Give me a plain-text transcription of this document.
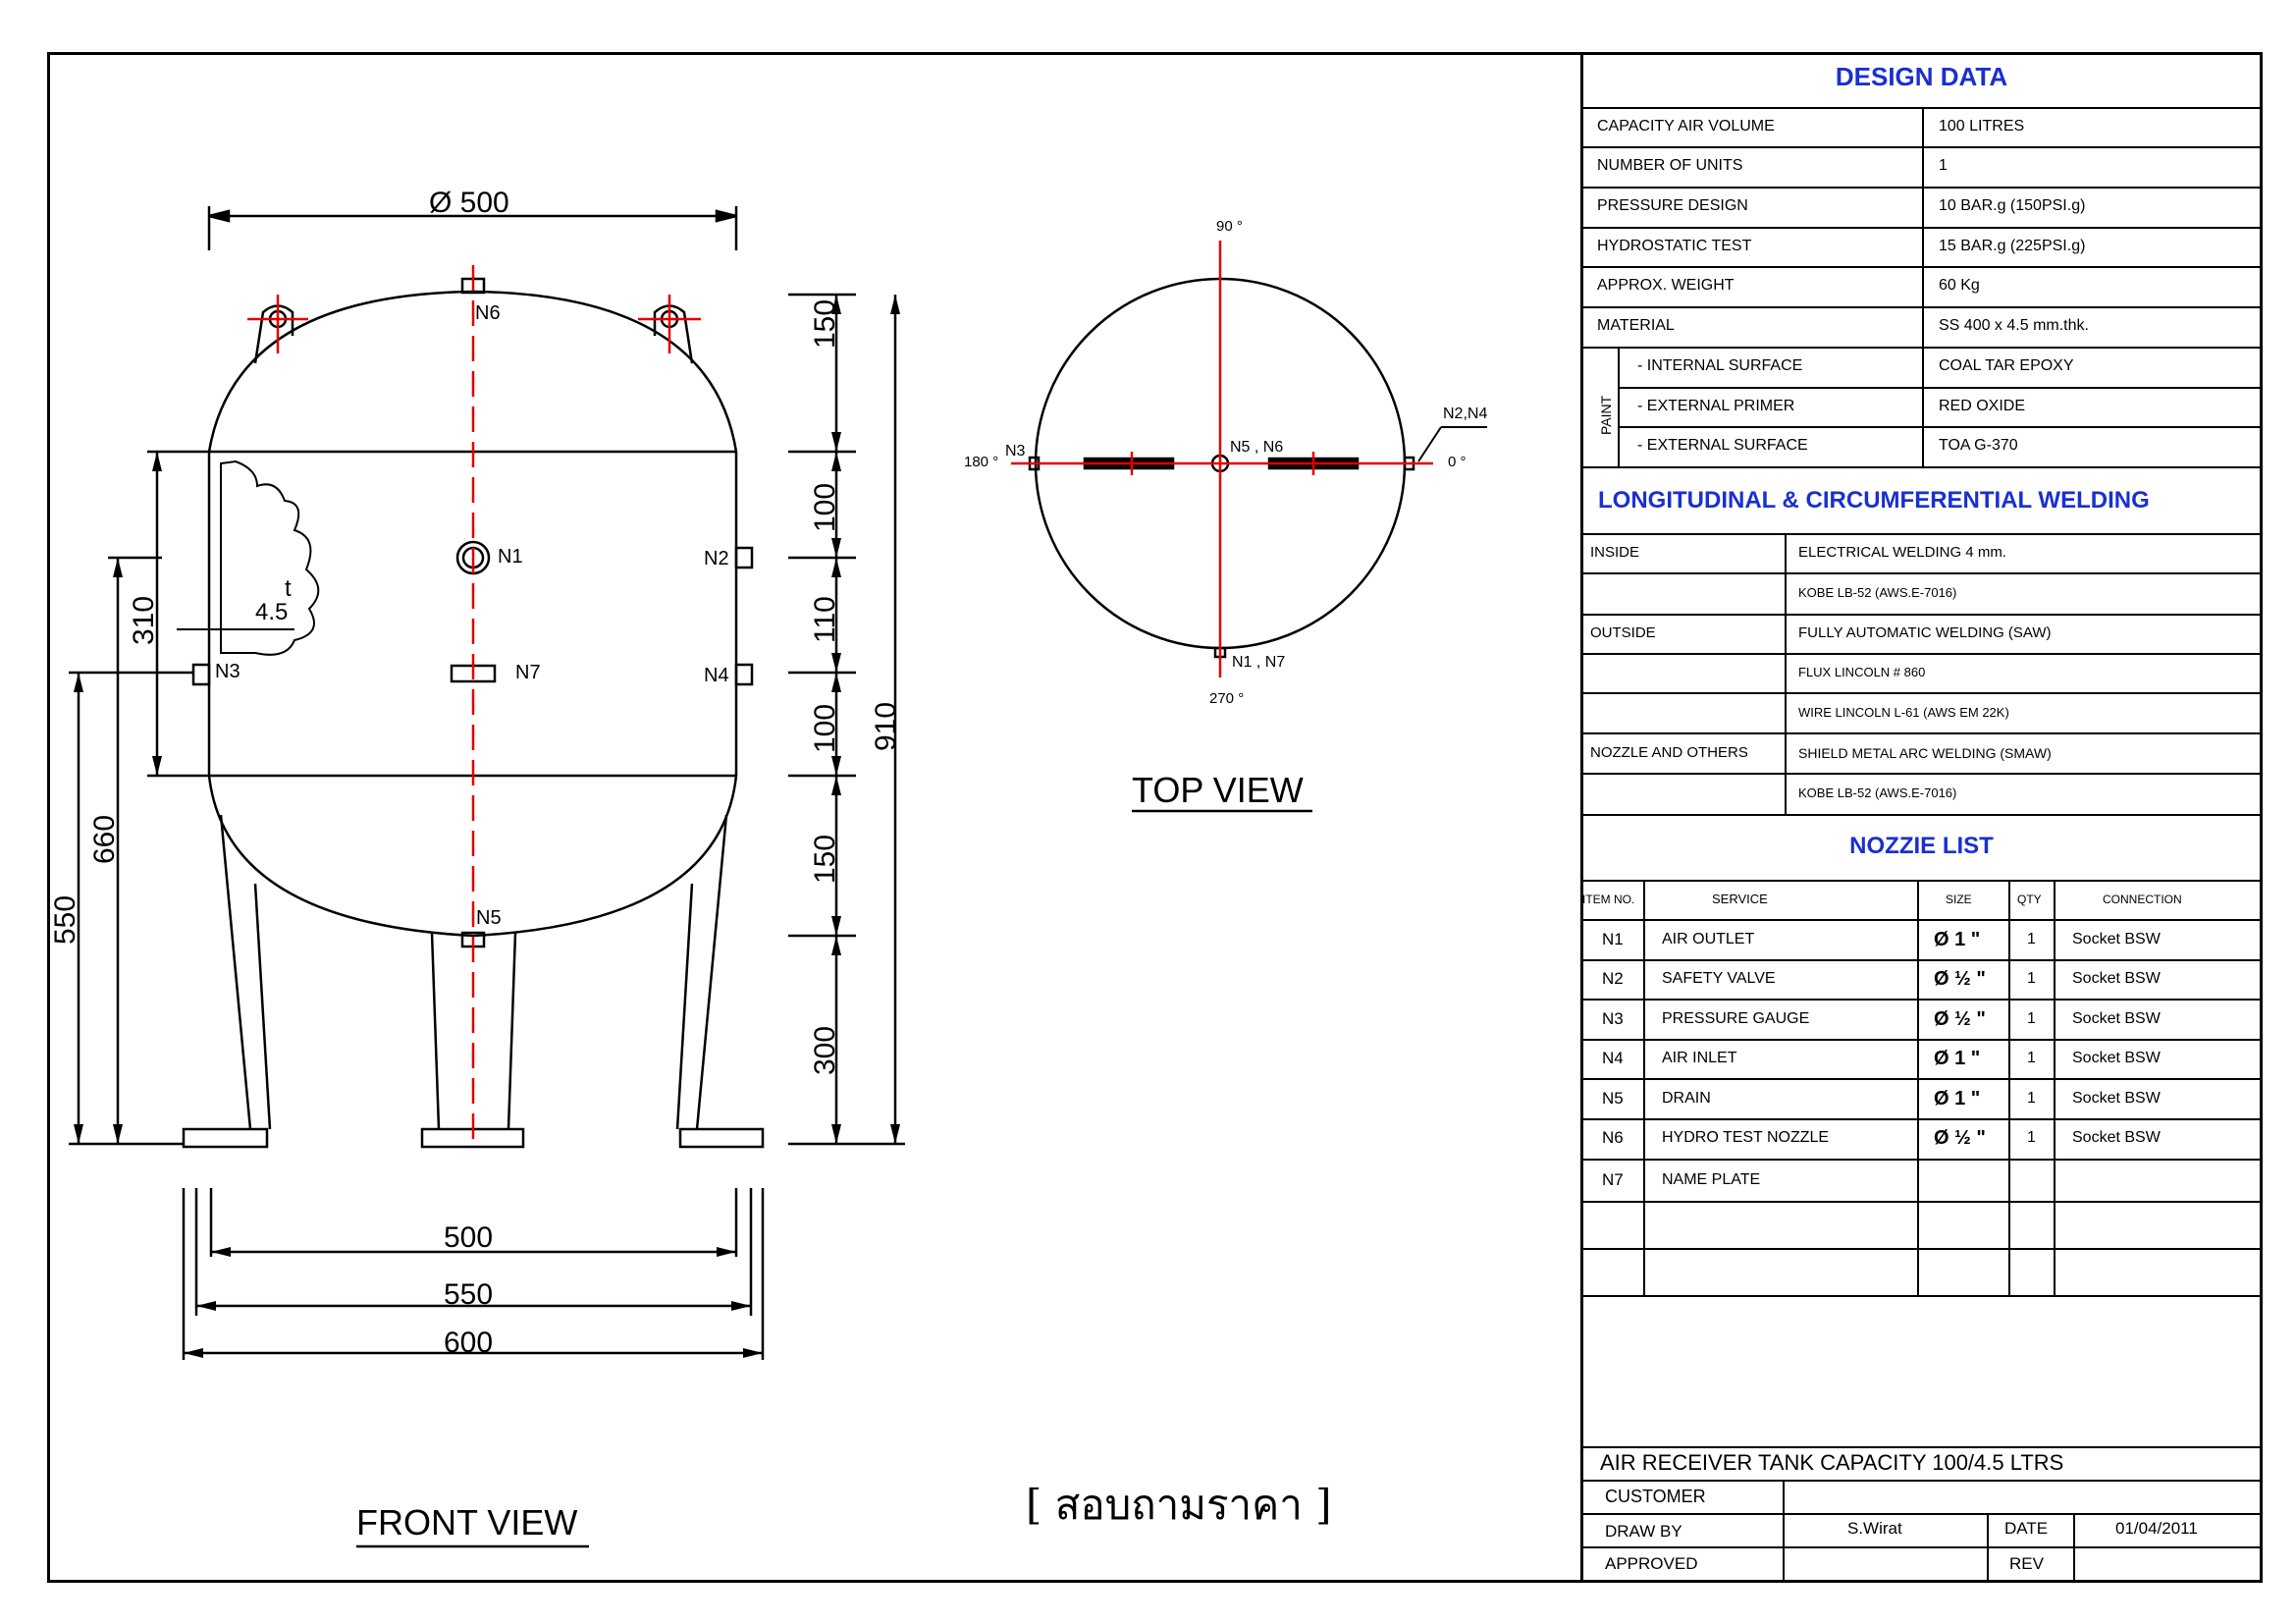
Ø 500
N6
N1	N2
N4
N3	N7
N5
t
4.5
150
100
110
100
150
300
910
310
660
550
500
550
600
FRONT VIEW
90 °
180 °	0 °
270 °
N3	N5 , N6
N2,N4
N1 , N7
TOP VIEW
[ สอบถามราคา ]
DESIGN DATA
CAPACITY AIR VOLUME	100 LITRES
NUMBER OF UNITS	1
PRESSURE DESIGN	10 BAR.g (150PSI.g)
HYDROSTATIC TEST	15 BAR.g (225PSI.g)
APPROX. WEIGHT	60 Kg
MATERIAL	SS 400 x 4.5 mm.thk.
PAINT
- INTERNAL SURFACE	COAL TAR EPOXY
- EXTERNAL PRIMER	RED OXIDE
- EXTERNAL SURFACE	TOA G-370
LONGITUDINAL & CIRCUMFERENTIAL WELDING
INSIDE	ELECTRICAL WELDING 4 mm.
KOBE LB-52 (AWS.E-7016)
OUTSIDE	FULLY AUTOMATIC WELDING (SAW)
FLUX LINCOLN # 860
WIRE LINCOLN L-61 (AWS EM 22K)
NOZZLE AND OTHERS	SHIELD METAL ARC WELDING (SMAW)
KOBE LB-52 (AWS.E-7016)
NOZZIE LIST
ITEM NO.	SERVICE	SIZE	QTY	CONNECTION
N1 AIR OUTLET	Ø 1 "	1 Socket BSW
N2 SAFETY VALVE	Ø ½ "	1 Socket BSW
N3 PRESSURE GAUGE	Ø ½ "	1 Socket BSW
N4 AIR INLET	Ø 1 "	1 Socket BSW
N5 DRAIN	Ø 1 "	1 Socket BSW
N6 HYDRO TEST NOZZLE	Ø ½ "	1 Socket BSW
N7 NAME PLATE
AIR RECEIVER TANK CAPACITY 100/4.5 LTRS
CUSTOMER
DRAW BY	S.Wirat	DATE	01/04/2011
APPROVED	REV
